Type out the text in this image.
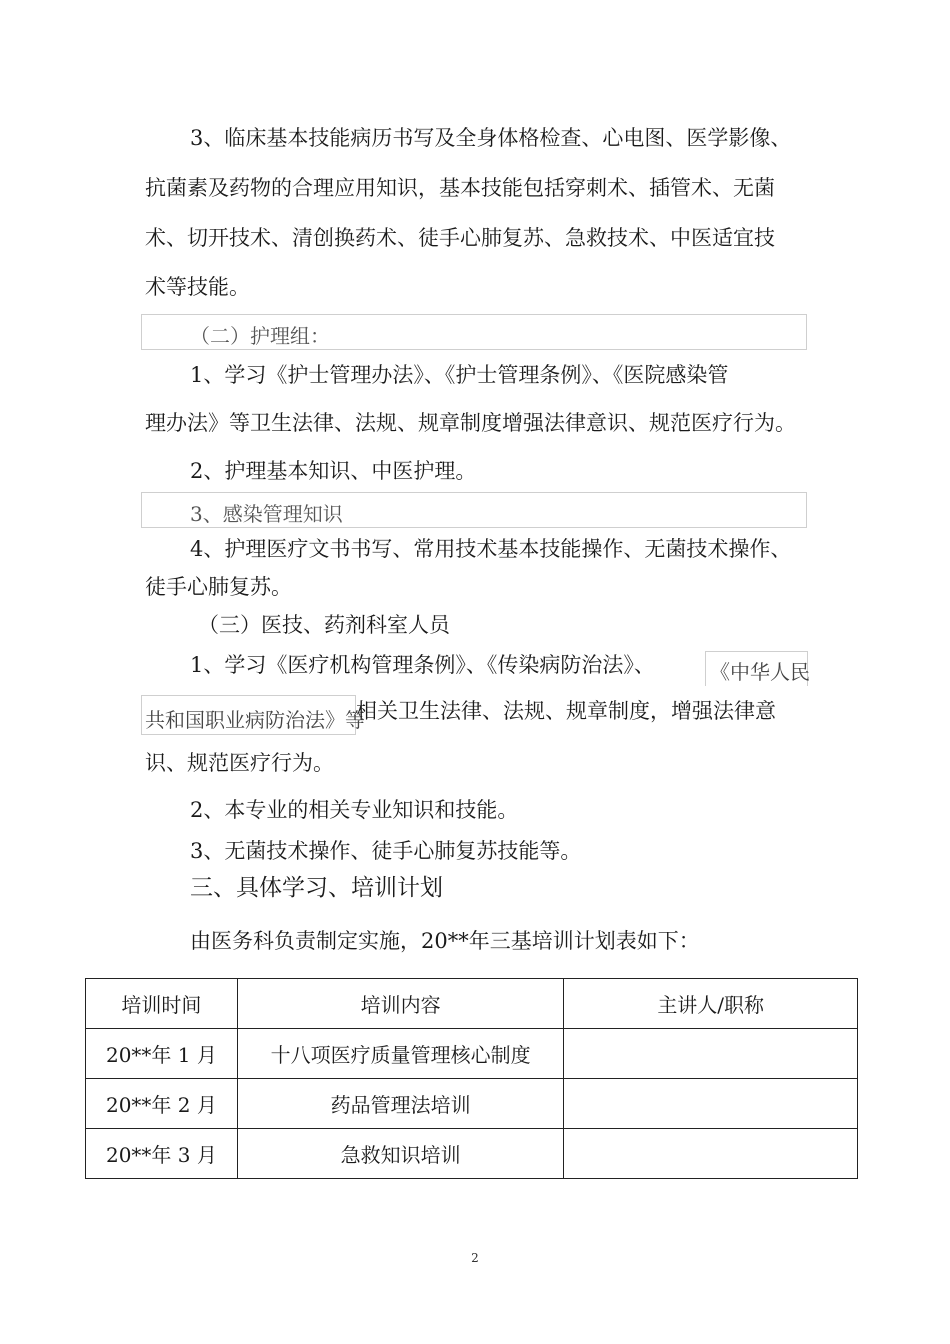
3、临床基本技能病历书写及全身体格检查、心电图、医学影像、
抗菌素及药物的合理应用知识，基本技能包括穿刺术、插管术、无菌
术、切开技术、清创换药术、徒手心肺复苏、急救技术、中医适宜技
术等技能。
（二）护理组：
1、学习《护士管理办法》、《护士管理条例》、《医院感染管
理办法》等卫生法律、法规、规章制度增强法律意识、规范医疗行为。
2、护理基本知识、中医护理。
3、感染管理知识
4、护理医疗文书书写、常用技术基本技能操作、无菌技术操作、
徒手心肺复苏。
（三）医技、药剂科室人员
1、学习《医疗机构管理条例》、《传染病防治法》、	《中华人民
共和国职业病防治法》等
相关卫生法律、法规、规章制度，增强法律意
识、规范医疗行为。
2、本专业的相关专业知识和技能。
3、无菌技术操作、徒手心肺复苏技能等。
三、具体学习、培训计划
由医务科负责制定实施，20**年三基培训计划表如下：
培训时间	培训内容	主讲人/职称
20**年 1 月	十八项医疗质量管理核心制度	
20**年 2 月	药品管理法培训	
20**年 3 月	急救知识培训	
2
